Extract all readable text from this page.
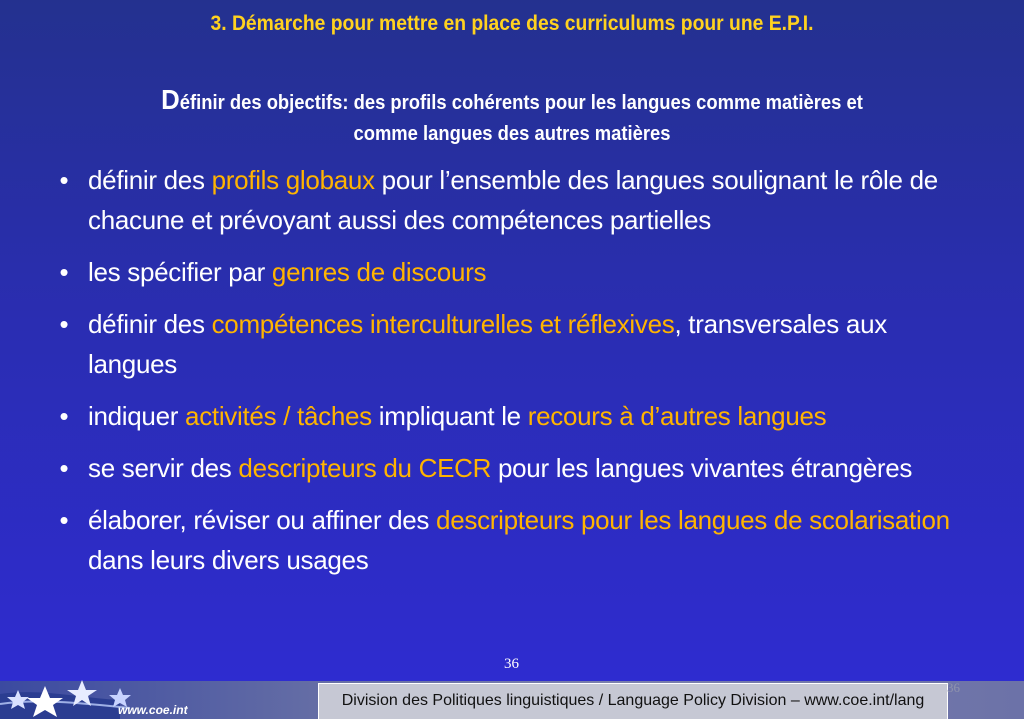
3. Démarche pour mettre en place des curriculums pour une E.P.I.
Définir des objectifs: des profils cohérents pour les langues comme matières et comme langues des autres matières
• définir des profils globaux pour l’ensemble des langues soulignant le rôle de chacune et prévoyant aussi des compétences partielles
• les spécifier par genres de discours
• définir des compétences interculturelles et réflexives, transversales aux langues
• indiquer activités / tâches impliquant le recours à d’autres langues
• se servir des descripteurs du CECR pour les langues vivantes étrangères
• élaborer, réviser ou affiner des descripteurs pour les langues de scolarisation dans leurs divers usages
36
www.coe.int
Division des Politiques linguistiques / Language Policy Division – www.coe.int/lang
36
